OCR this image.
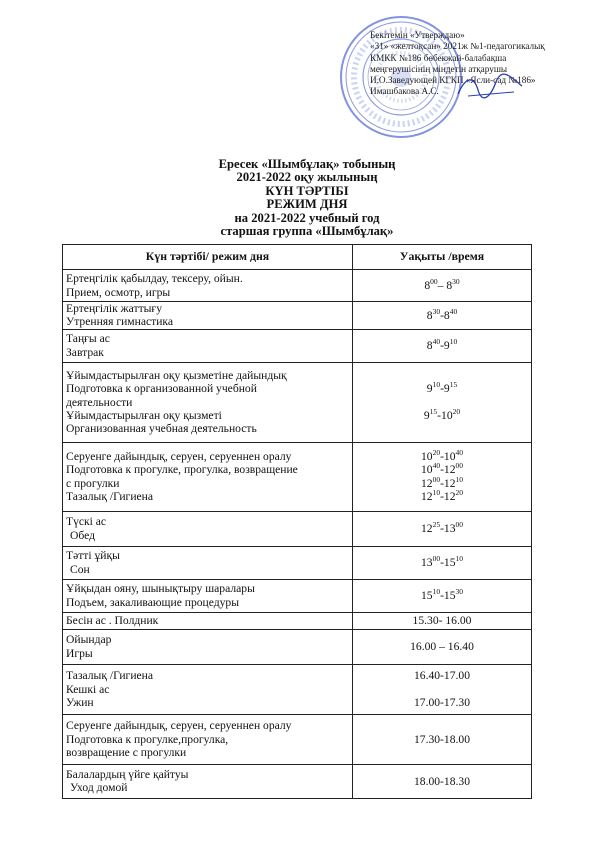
Бекітемін «Утверждаю»
«31» «желтоқсан» 2021ж №1-педагогикалық
КМКК №186 бөбекжай-балабақша
меңгерушісінің міндетін атқарушы
И.О.Заведующей КГКП «Ясли-сад №186»
Имашбакова А.С.
Ересек «Шымбұлақ» тобының
2021-2022 оқу жылының
КҮН ТӘРТІБІ
РЕЖИМ ДНЯ
на 2021-2022 учебный год
старшая группа «Шымбұлақ»
Күн тәртібі/ режим дня	Уақыты /время

Ертеңгілік қабылдау, тексеру, ойын.
Прием, осмотр, игры	$8^{00}-$ $8^{30}$

Ертеңгілік жаттығу
Утренняя гимнастика	$8^{30}-8^{40}$

Таңғы ас
Завтрак	$8^{40}-9^{10}$

Ұйымдастырылған оқу қызметіне дайындық
Подготовка к организованной учебной
деятельности
Ұйымдастырылған оқу қызметі
Организованная учебная деятельность	$9^{10}-9^{15}$
$9^{15}-10^{20}$

Серуенге дайындық, серуен, серуеннен оралу
Подготовка к прогулке, прогулка, возвращение
с прогулки
Тазалық /Гигиена	$10^{20}-10^{40}$
$10^{40}-12^{00}$
$12^{00}-12^{10}$
$12^{10}-12^{20}$

Түскі ас
Обед	$12^{25}-13^{00}$

Тәтті ұйқы
Сон	$13^{00}-15^{10}$

Ұйқыдан ояну, шынықтыру шаралары
Подъем, закаливающие процедуры	$15^{10}-15^{30}$

Бесін ас . Полдник	15.30- 16.00

Ойындар
Игры	16.00 – 16.40

Тазалық /Гигиена
Кешкі ас
Ужин	16.40-17.00
17.00-17.30

Серуенге дайындық, серуен, серуеннен оралу
Подготовка к прогулке,прогулка,
возвращение с прогулки	17.30-18.00

Балалардың үйге қайтуы
Уход домой	18.00-18.30
